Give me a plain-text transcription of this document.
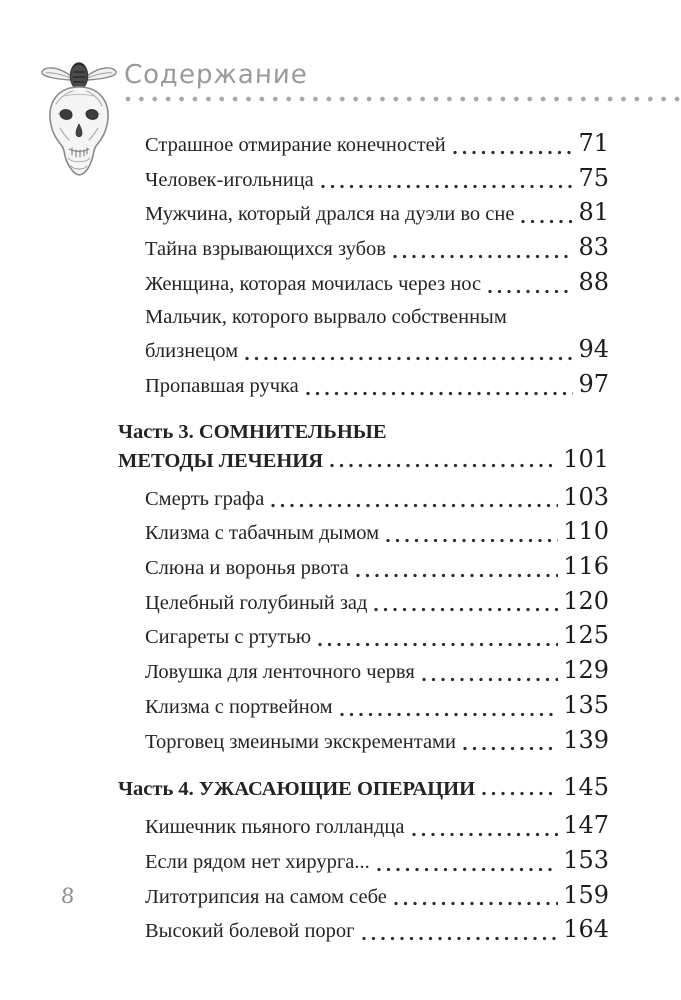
Содержание
Страшное отмирание конечностей	71
Человек-игольница	75
Мужчина, который дрался на дуэли во сне	81
Тайна взрывающихся зубов	83
Женщина, которая мочилась через нос	88
Мальчик, которого вырвало собственным
близнецом	94
Пропавшая ручка	97
Часть 3. СОМНИТЕЛЬНЫЕ
МЕТОДЫ ЛЕЧЕНИЯ	101
Смерть графа	103
Клизма с табачным дымом	110
Слюна и воронья рвота	116
Целебный голубиный зад	120
Сигареты с ртутью	125
Ловушка для ленточного червя	129
Клизма с портвейном	135
Торговец змеиными экскрементами	139
Часть 4. УЖАСАЮЩИЕ ОПЕРАЦИИ	145
Кишечник пьяного голландца	147
Если рядом нет хирурга...	153
Литотрипсия на самом себе	159
Высокий болевой порог	164
8
